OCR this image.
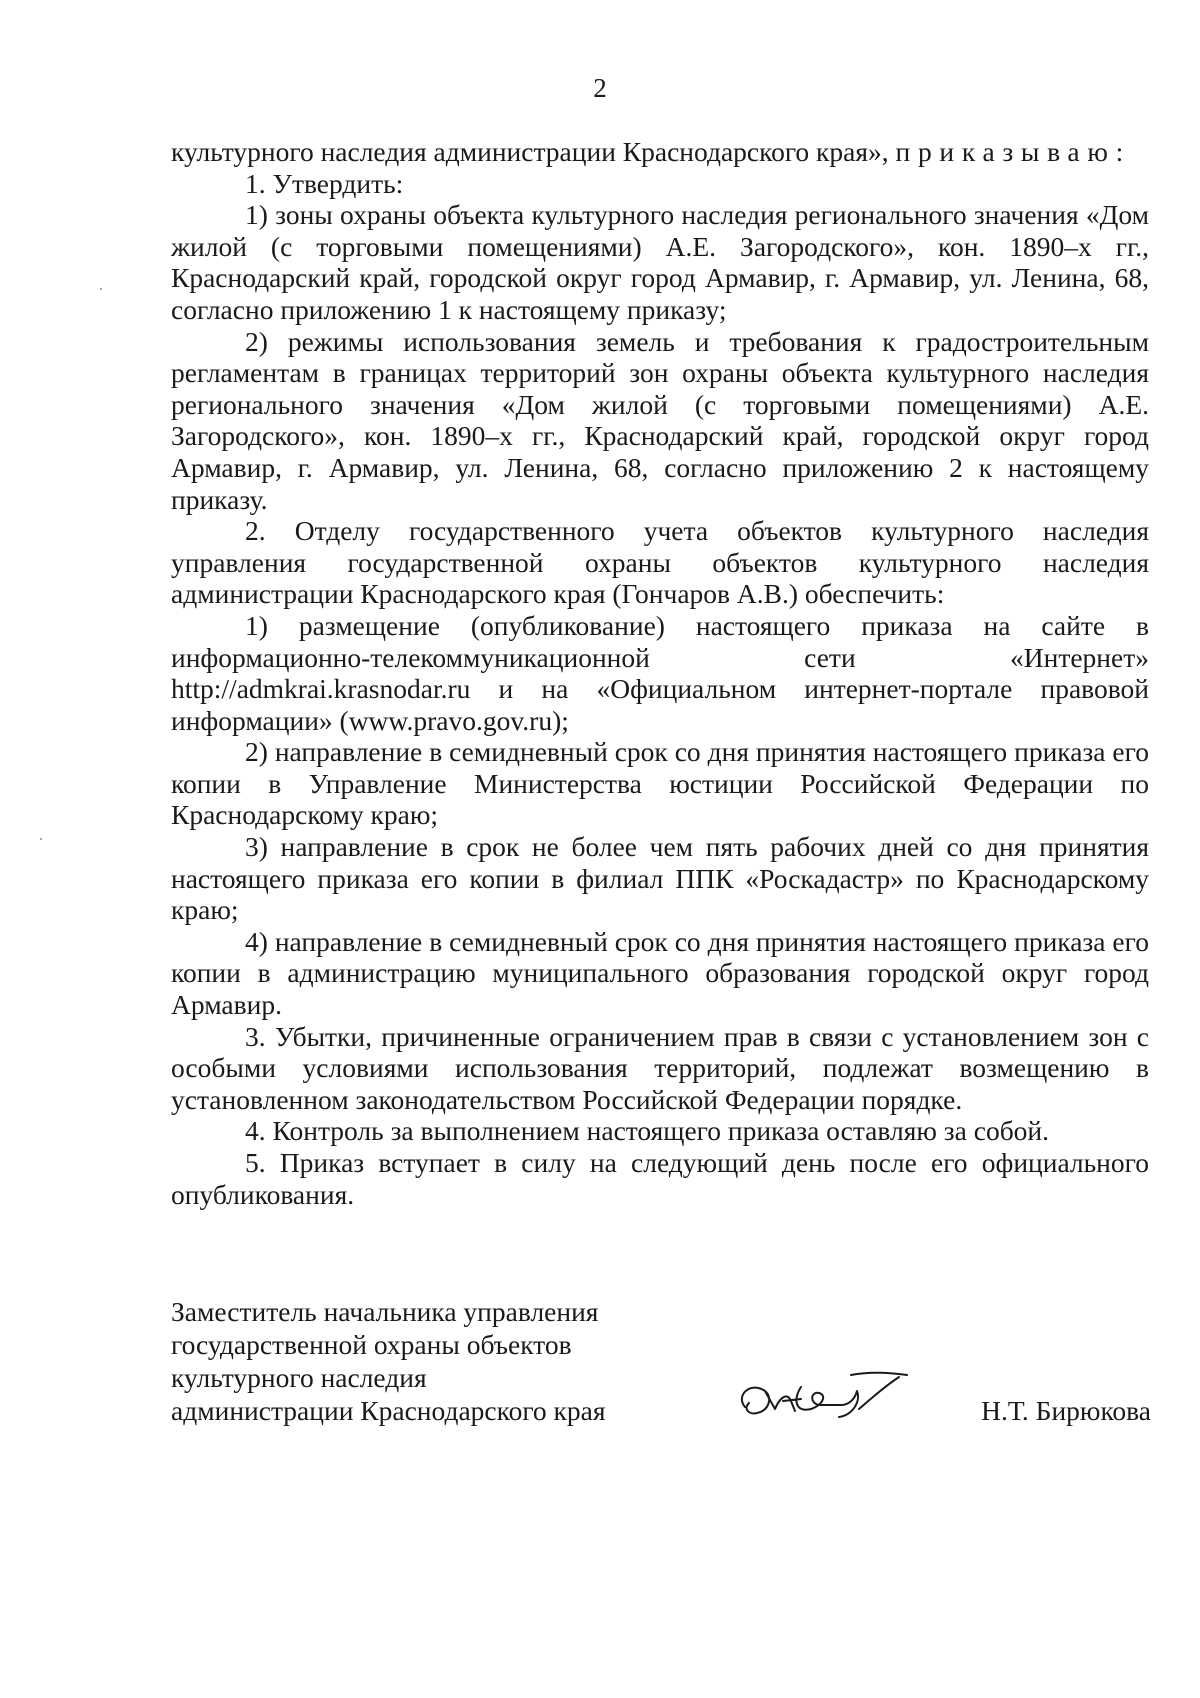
2

культурного наследия администрации Краснодарского края», приказываю:

1. Утвердить:

1) зоны охраны объекта культурного наследия регионального значения «Дом жилой (с торговыми помещениями) А.Е. Загородского», кон. 1890–х гг., Краснодарский край, городской округ город Армавир, г. Армавир, ул. Ленина, 68, согласно приложению 1 к настоящему приказу;

2) режимы использования земель и требования к градостроительным регламентам в границах территорий зон охраны объекта культурного наследия регионального значения «Дом жилой (с торговыми помещениями) А.Е. Загородского», кон. 1890–х гг., Краснодарский край, городской округ город Армавир, г. Армавир, ул. Ленина, 68, согласно приложению 2 к настоящему приказу.

2. Отделу государственного учета объектов культурного наследия управления государственной охраны объектов культурного наследия администрации Краснодарского края (Гончаров А.В.) обеспечить:

1) размещение (опубликование) настоящего приказа на сайте в информационно-телекоммуникационной сети «Интернет» http://admkrai.krasnodar.ru и на «Официальном интернет-портале правовой информации» (www.pravo.gov.ru);

2) направление в семидневный срок со дня принятия настоящего приказа его копии в Управление Министерства юстиции Российской Федерации по Краснодарскому краю;

3) направление в срок не более чем пять рабочих дней со дня принятия настоящего приказа его копии в филиал ППК «Роскадастр» по Краснодарскому краю;

4) направление в семидневный срок со дня принятия настоящего приказа его копии в администрацию муниципального образования городской округ город Армавир.

3. Убытки, причиненные ограничением прав в связи с установлением зон с особыми условиями использования территорий, подлежат возмещению в установленном законодательством Российской Федерации порядке.

4. Контроль за выполнением настоящего приказа оставляю за собой.

5. Приказ вступает в силу на следующий день после его официального опубликования.

Заместитель начальника управления

государственной охраны объектов

культурного наследия

администрации Краснодарского края	Н.Т. Бирюкова
